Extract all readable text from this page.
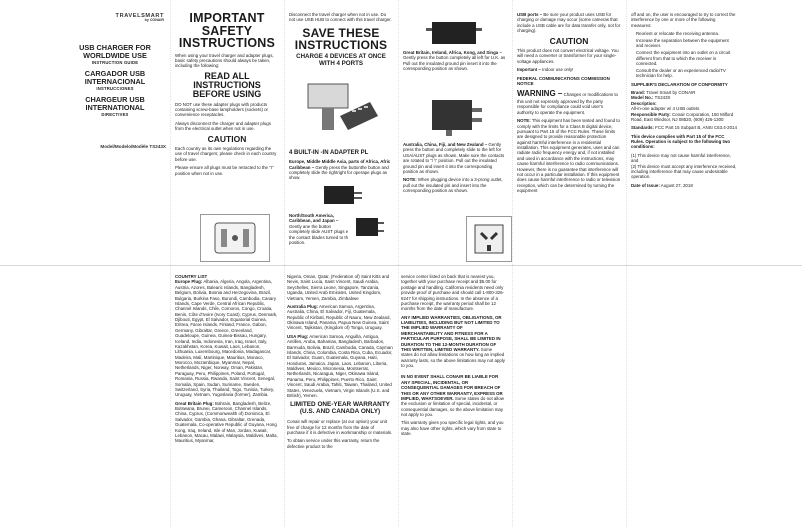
TRAVELSMART
by CONAIR
USB CHARGER FOR WORLDWIDE USE
INSTRUCTION GUIDE
CARGADOR USB INTERNACIONAL
INSTRUCCIONES
CHARGEUR USB INTERNATIONAL
DIRECTIVES
Model/Modelo/Modèle TS243X
IMPORTANT SAFETY INSTRUCTIONS

When using your travel charger and adapter plugs, basic safety precautions should always be taken, including the following:

READ ALL INSTRUCTIONS BEFORE USING

DO NOT use these adapter plugs with products containing screw-base lampholders (sockets) or convenience receptacles.

Always disconnect the charger and adapter plugs from the electrical outlet when not in use.

CAUTION

Each country as its own regulations regarding the use of travel chargers; please check in each country before use.

Please ensure all plugs must be retracted to the "I" position when not in use.

Disconnect the travel charger when not in use. Do not use USB HUB to connect with this travel charger.

SAVE THESE INSTRUCTIONS
CHARGE 4 DEVICES AT ONCE WITH 4 PORTS
4 BUILT-IN -IN ADAPTER PL

Europe, Middle Middle Asia, parts of Africa, Afric Caribbean – Gently press the buttonthe button and completely slide the rightright for operape plugs as show.

North/South America, Caribbean, and Japan – Gently ane the button completely slide AUST plugs e the contact blades turned to th position.

Great Britain, Ireland, Africa, Kong, and Singa – Gently press the button completely all left for U.K. as Pull out the insulated ground pin insert it into the corresponding position as shown.

Australia, China, Fiji, and New Zealand – Gently press the button and completely slide to the left for USA/AUST plugs as shown. Make sure the contacts are rotated to "/ \" position. Pull out the insulated ground pin and insert it into the corresponding position as shown.

NOTE: When plugging device into a 3-prong outlet, pull out the insulated pin and insert into the corresponding position as shown.

USB ports – Be sure your product uses USB for charging or damage may occur (some cameras that include a USB cable are for data transfer only, not for charging).

CAUTION

This product does not convert electrical voltage. You will need a converter or transformer for your single-voltage appliances.

Important – Indoor use only!

FEDERAL COMMUNICATIONS COMMISSION NOTICE

WARNING – Changes or modifications to this unit not expressly approved by the party responsible for compliance could void user's authority to operate the equipment.

NOTE: This equipment has been tested and found to comply with the limits for a Class B digital device, pursuant to Part 15 of the FCC Rules. These limits are designed to provide reasonable protection against harmful interference in a residential installation. This equipment generates, uses and can radiate radio frequency energy and, if not installed and used in accordance with the instructions, may cause harmful interference to radio communications. However, there is no guarantee that interference will not occur in a particular installation. If this equipment does cause harmful interference to radio or television reception, which can be determined by turning the equipment

off and on, the user is encouraged to try to correct the interference by one or more of the following measures:

• Reorient or relocate the receiving antenna.
• Increase the separation between the equipment and receiver.
• Connect the equipment into an outlet on a circuit different from that to which the receiver is connected.
• Consult the dealer or an experienced radio/TV technician for help.

SUPPLIER'S DECLARATION OF CONFORMITY

Brand: Travel Smart by CONAIR

Model No.: TS243X

Description:
All-in-one adapter w/ 4 USB outlets

Responsible Party: Conair Corporation, 150 Milford Road, East Windsor, NJ 08520, (609) 426-1300

Standards: FCC Part 15 Subpart B, ANSI C63.4-2014

This device complies with Part 15 of the FCC Rules. Operation is subject to the following two conditions:

(1) This device may not cause harmful interference, and

(2) This device must accept any interference received, including interference that may cause undesirable operation.

Date of Issue: August 27, 2018

COUNTRY LIST

Europe Plug: Albania, Algeria, Angola, Argentina, Austria, Azores, Balearic Islands, Bangladesh, Belgium, Bolivia, Bosnia and Herzegovina, Brazil, Bulgaria, Burkina Faso, Burundi, Cambodia, Canary Islands, Cape Verde, Central African Republic, Channel Islands, Chile, Comoros, Congo, Croatia, Benin, Côte d'Ivoire (Ivory Coast), Cyprus, Denmark, Djibouti, Egypt, El Salvador, Equatorial Guinea, Eritrea, Faroe Islands, Finland, France, Gabon, Germany, Gibraltar, Greece, Greenland, Guadeloupe, Guinea, Guinea-Bissau, Hungary, Iceland, India, Indonesia, Iran, Iraq, Israel, Italy, Kazakhstan, Korea, Kuwait, Laos, Lebanon, Lithuania, Luxembourg, Macedonia, Madagascar, Madeira, Mali, Martinique, Mauritius, Monaco, Morocco, Mozambique, Myanmar, Nepal, Netherlands, Niger, Norway, Oman, Pakistan, Paraguay, Peru, Philippines, Poland, Portugal, Romania, Russia, Rwanda, Saint Vincent, Senegal, Somalia, Spain, Sudan, Suriname, Sweden, Switzerland, Syria, Thailand, Togo, Tunisia, Turkey, Uruguay, Vietnam, Yugoslavia (former), Zambia.

Great Britain Plug: Bahrain, Bangladesh, Belize, Botswana, Brunei, Cameroon, Channel Islands, China, Cyprus, (Commonwealth of) Dominica, El Salvador, Gambia, Ghana, Gibraltar, Grenada, Guatemala, Co-operative Republic of Guyana, Hong Kong, Iraq, Ireland, Isle of Man, Jordan, Kuwait, Lebanon, Macau, Malawi, Malaysia, Maldives, Malta, Mauritius, Myanmar,

Nigeria, Oman, Qatar, (Federation of) Saint Kitts and Nevis, Saint Lucia, Saint Vincent, Saudi Arabia, Seychelles, Sierra Leone, Singapore, Tanzania, Uganda, United Arab Emirates, United Kingdom, Vietnam, Yemen, Zambia, Zimbabwe

Australia Plug: American Samoa, Argentina, Australia, China, El Salvador, Fiji, Guatemala, Republic of Kiribati, Republic of Nauru, New Zealand, Okinawa Island, Panama, Papua New Guinea, Saint Vincent, Tajikistan, (Kingdom of) Tonga, Uruguay.

USA Plug: American Samoa, Anguilla, Antigua, Antilles, Aruba, Bahamas, Bangladesh, Barbados, Barmuda, Bolivia, Brazil, Cambodia, Canada, Cayman Islands, China, Colombia, Costa Rica, Cuba, Ecuador, El Salvador, Guam, Guatemala, Guyana, Haiti, Honduras, Jamaica, Japan, Laos, Lebanon, Liberia, Maldives, Mexico, Micronesia, Montserrat, Netherlands, Nicaragua, Niger, Okinawa Island, Panama, Peru, Philippines, Puerto Rico, Saint Vincent, Saudi Arabia, Tahiti, Taiwan, Thailand, United States, Venezuela, Vietnam, Virgin Islands (U.S. and British), Yemen.

LIMITED ONE-YEAR WARRANTY (U.S. AND CANADA ONLY)

Conair will repair or replace (at our option) your unit free of charge for 12 months from the date of purchase if it is defective in workmanship or materials.

To obtain service under this warranty, return the defective product to the

service center listed on back that is nearest you, together with your purchase receipt and $5.00 for postage and handling. California residents need only provide proof of purchase and should call 1-800-326-6247 for shipping instructions. In the absence of a purchase receipt, the warranty period shall be 12 months from the date of manufacture.

ANY IMPLIED WARRANTIES, OBLIGATIONS, OR LIABILITIES, INCLUDING BUT NOT LIMITED TO THE IMPLIED WARRANTY OF MERCHANTABILITY AND FITNESS FOR A PARTICULAR PURPOSE, SHALL BE LIMITED IN DURATION TO THE 12-MONTH DURATION OF THIS WRITTEN, LIMITED WARRANTY. Some states do not allow limitations on how long an implied warranty lasts, so the above limitations may not apply to you.

IN NO EVENT SHALL CONAIR BE LIABLE FOR ANY SPECIAL, INCIDENTAL, OR CONSEQUENTIAL DAMAGES FOR BREACH OF THIS OR ANY OTHER WARRANTY, EXPRESS OR IMPLIED, WHATSOEVER. Some states do not allow the exclusion or limitation of special, incidental, or consequential damages, so the above limitation may not apply to you.

This warranty gives you specific legal rights, and you may also have other rights, which vary from state to state.
